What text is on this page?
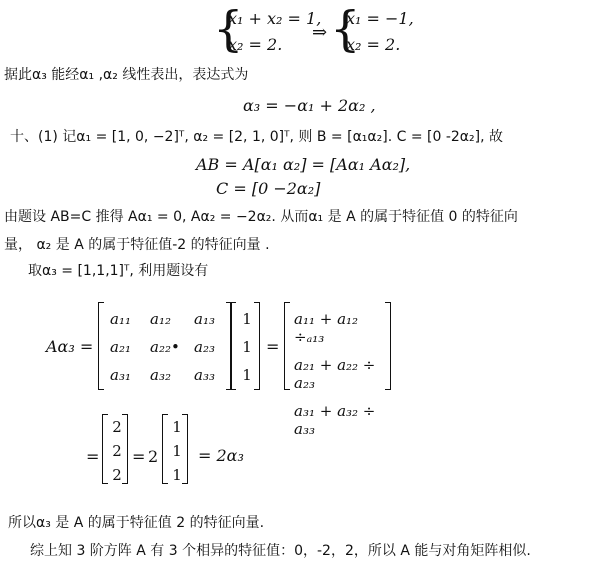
{
x₁ + x₂ = 1,
x₂ = 2.
⇒ {
x₁ = −1,
x₂ = 2.
据此α₃ 能经α₁ ,α₂ 线性表出，表达式为
α₃ = −α₁ + 2α₂ ,
十、(1) 记α₁ = [1, 0, −2]ᵀ, α₂ = [2, 1, 0]ᵀ, 则 B = [α₁α₂]. C = [0 -2α₂], 故
AB = A[α₁ α₂] = [Aα₁ Aα₂],
C = [0 −2α₂]
由题设 AB=C 推得 Aα₁ = 0, Aα₂ = −2α₂. 从而α₁ 是 A 的属于特征值 0 的特征向
量， α₂ 是 A 的属于特征值-2 的特征向量 .
取α₃ = [1,1,1]ᵀ, 利用题设有
Aα₃ =
a₁₁	a₁₂	a₁₃
a₂₁	a₂₂• a₂₃
a₃₁	a₃₂	a₃₃
1
1
1
=
a₁₁ + a₁₂ ÷ₐ₁₃
a₂₁ + a₂₂ ÷ a₂₃
a₃₁ + a₃₂ ÷ a₃₃
=
2
2
2
= 2
1
1
1
= 2α₃
所以α₃ 是 A 的属于特征值 2 的特征向量.
综上知 3 阶方阵 A 有 3 个相异的特征值：0，-2，2，所以 A 能与对角矩阵相似.
